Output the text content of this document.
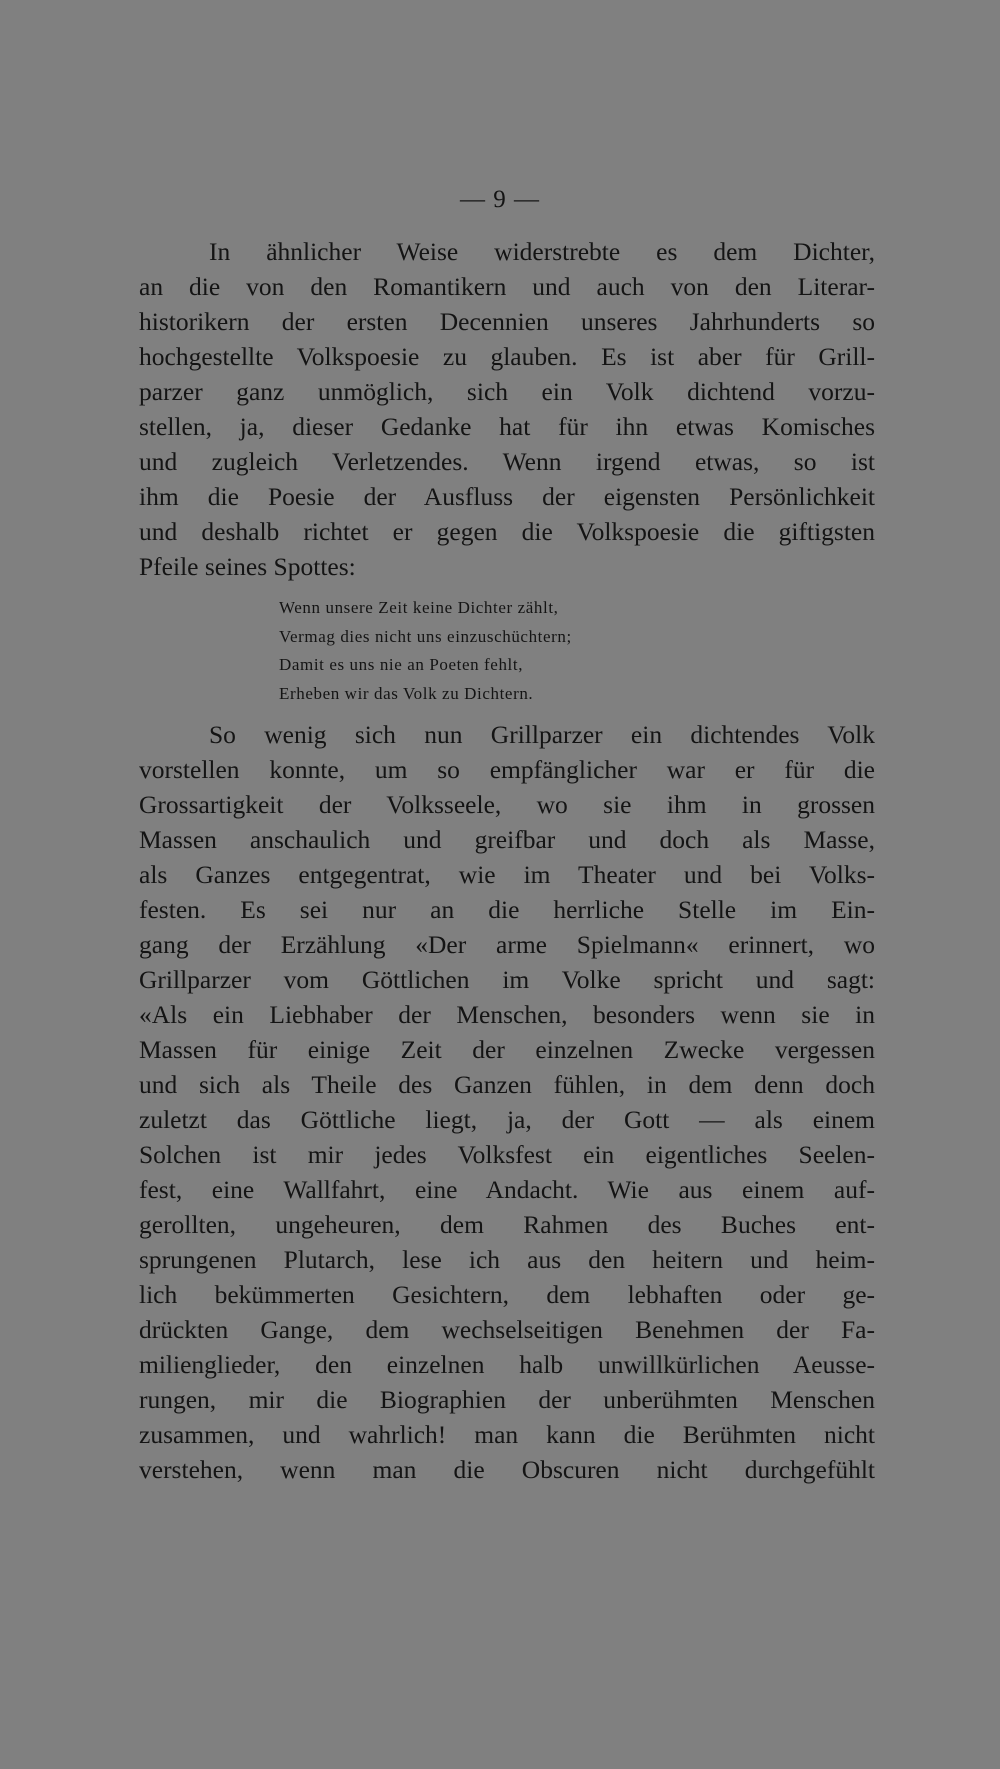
— 9 —
In ähnlicher Weise widerstrebte es dem Dichter,
an die von den Romantikern und auch von den Literar-
historikern der ersten Decennien unseres Jahrhunderts so
hochgestellte Volkspoesie zu glauben. Es ist aber für Grill-
parzer ganz unmöglich, sich ein Volk dichtend vorzu-
stellen, ja, dieser Gedanke hat für ihn etwas Komisches
und zugleich Verletzendes. Wenn irgend etwas, so ist
ihm die Poesie der Ausfluss der eigensten Persönlichkeit
und deshalb richtet er gegen die Volkspoesie die giftigsten
Pfeile seines Spottes:
Wenn unsere Zeit keine Dichter zählt,
Vermag dies nicht uns einzuschüchtern;
Damit es uns nie an Poeten fehlt,
Erheben wir das Volk zu Dichtern.
So wenig sich nun Grillparzer ein dichtendes Volk
vorstellen konnte, um so empfänglicher war er für die
Grossartigkeit der Volksseele, wo sie ihm in grossen
Massen anschaulich und greifbar und doch als Masse,
als Ganzes entgegentrat, wie im Theater und bei Volks-
festen. Es sei nur an die herrliche Stelle im Ein-
gang der Erzählung «Der arme Spielmann« erinnert, wo
Grillparzer vom Göttlichen im Volke spricht und sagt:
«Als ein Liebhaber der Menschen, besonders wenn sie in
Massen für einige Zeit der einzelnen Zwecke vergessen
und sich als Theile des Ganzen fühlen, in dem denn doch
zuletzt das Göttliche liegt, ja, der Gott — als einem
Solchen ist mir jedes Volksfest ein eigentliches Seelen-
fest, eine Wallfahrt, eine Andacht. Wie aus einem auf-
gerollten, ungeheuren, dem Rahmen des Buches ent-
sprungenen Plutarch, lese ich aus den heitern und heim-
lich bekümmerten Gesichtern, dem lebhaften oder ge-
drückten Gange, dem wechselseitigen Benehmen der Fa-
milienglieder, den einzelnen halb unwillkürlichen Aeusse-
rungen, mir die Biographien der unberühmten Menschen
zusammen, und wahrlich! man kann die Berühmten nicht
verstehen, wenn man die Obscuren nicht durchgefühlt
